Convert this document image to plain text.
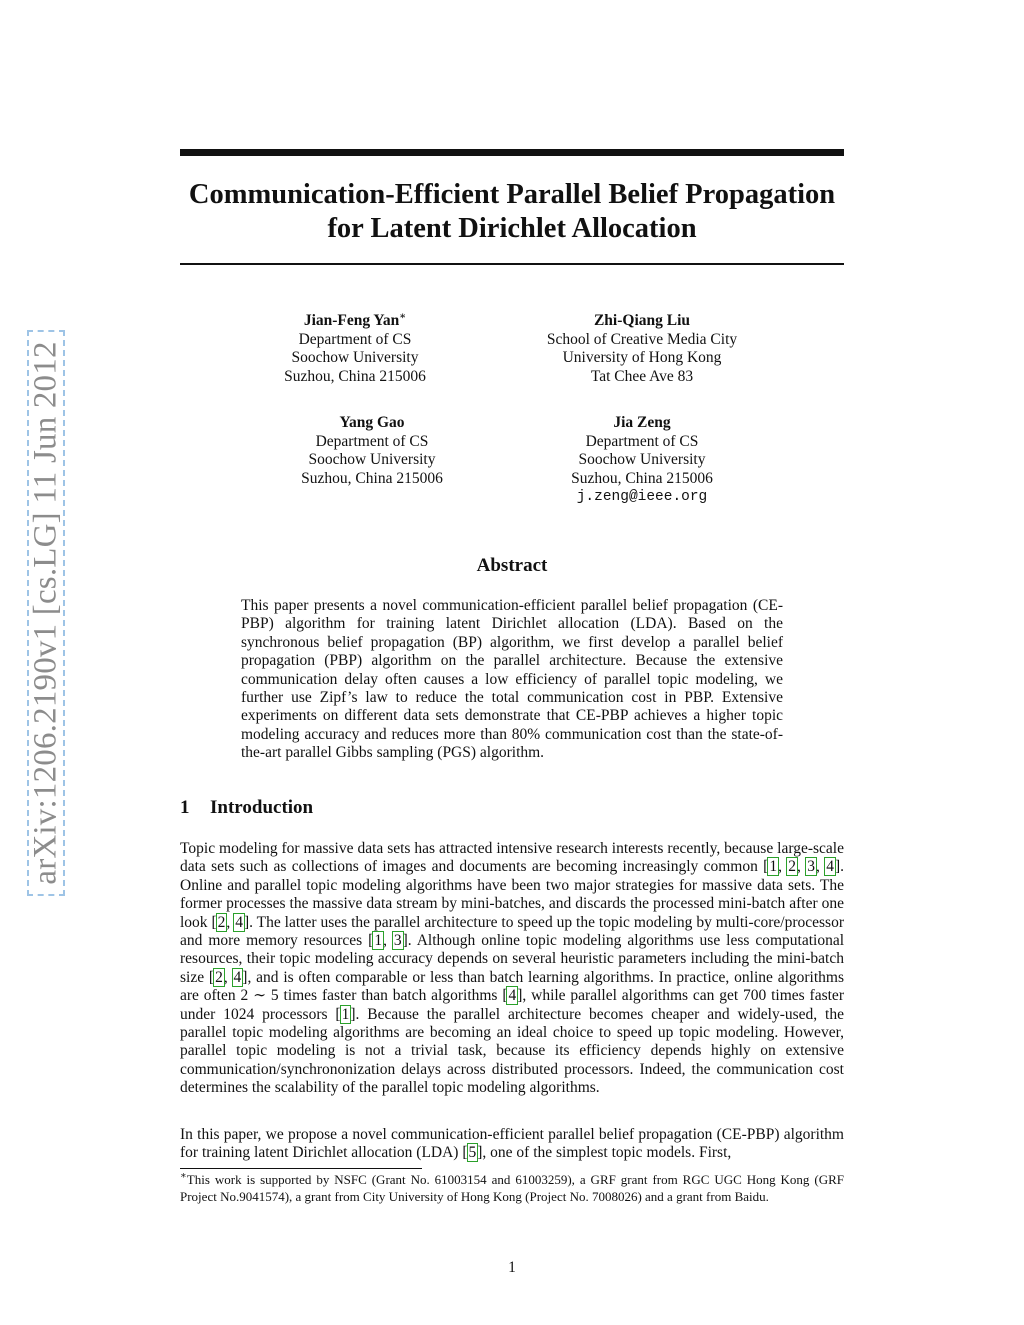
arXiv:1206.2190v1 [cs.LG] 11 Jun 2012
Communication-Efficient Parallel Belief Propagation
for Latent Dirichlet Allocation
Jian-Feng Yan∗
Department of CS
Soochow University
Suzhou, China 215006
Zhi-Qiang Liu
School of Creative Media City
University of Hong Kong
Tat Chee Ave 83
Yang Gao
Department of CS
Soochow University
Suzhou, China 215006
Jia Zeng
Department of CS
Soochow University
Suzhou, China 215006
j.zeng@ieee.org
Abstract

This paper presents a novel communication-efficient parallel belief propagation (CE-PBP) algorithm for training latent Dirichlet allocation (LDA). Based on the synchronous belief propagation (BP) algorithm, we first develop a parallel belief propagation (PBP) algorithm on the parallel architecture. Because the extensive communication delay often causes a low efficiency of parallel topic modeling, we further use Zipf’s law to reduce the total communication cost in PBP. Extensive experiments on different data sets demonstrate that CE-PBP achieves a higher topic modeling accuracy and reduces more than 80% communication cost than the state-of-the-art parallel Gibbs sampling (PGS) algorithm.

1 Introduction

Topic modeling for massive data sets has attracted intensive research interests recently, because large-scale data sets such as collections of images and documents are becoming increasingly common [1, 2, 3, 4]. Online and parallel topic modeling algorithms have been two major strategies for massive data sets. The former processes the massive data stream by mini-batches, and discards the processed mini-batch after one look [2, 4]. The latter uses the parallel architecture to speed up the topic modeling by multi-core/processor and more memory resources [1, 3]. Although online topic modeling algorithms use less computational resources, their topic modeling accuracy depends on several heuristic parameters including the mini-batch size [2, 4], and is often comparable or less than batch learning algorithms. In practice, online algorithms are often 2 ∼ 5 times faster than batch algorithms [4], while parallel algorithms can get 700 times faster under 1024 processors [1]. Because the parallel architecture becomes cheaper and widely-used, the parallel topic modeling algorithms are becoming an ideal choice to speed up topic modeling. However, parallel topic modeling is not a trivial task, because its efficiency depends highly on extensive communication/synchrononization delays across distributed processors. Indeed, the communication cost determines the scalability of the parallel topic modeling algorithms.

In this paper, we propose a novel communication-efficient parallel belief propagation (CE-PBP) algorithm for training latent Dirichlet allocation (LDA) [5], one of the simplest topic models. First,

∗This work is supported by NSFC (Grant No. 61003154 and 61003259), a GRF grant from RGC UGC Hong Kong (GRF Project No.9041574), a grant from City University of Hong Kong (Project No. 7008026) and a grant from Baidu.

1
